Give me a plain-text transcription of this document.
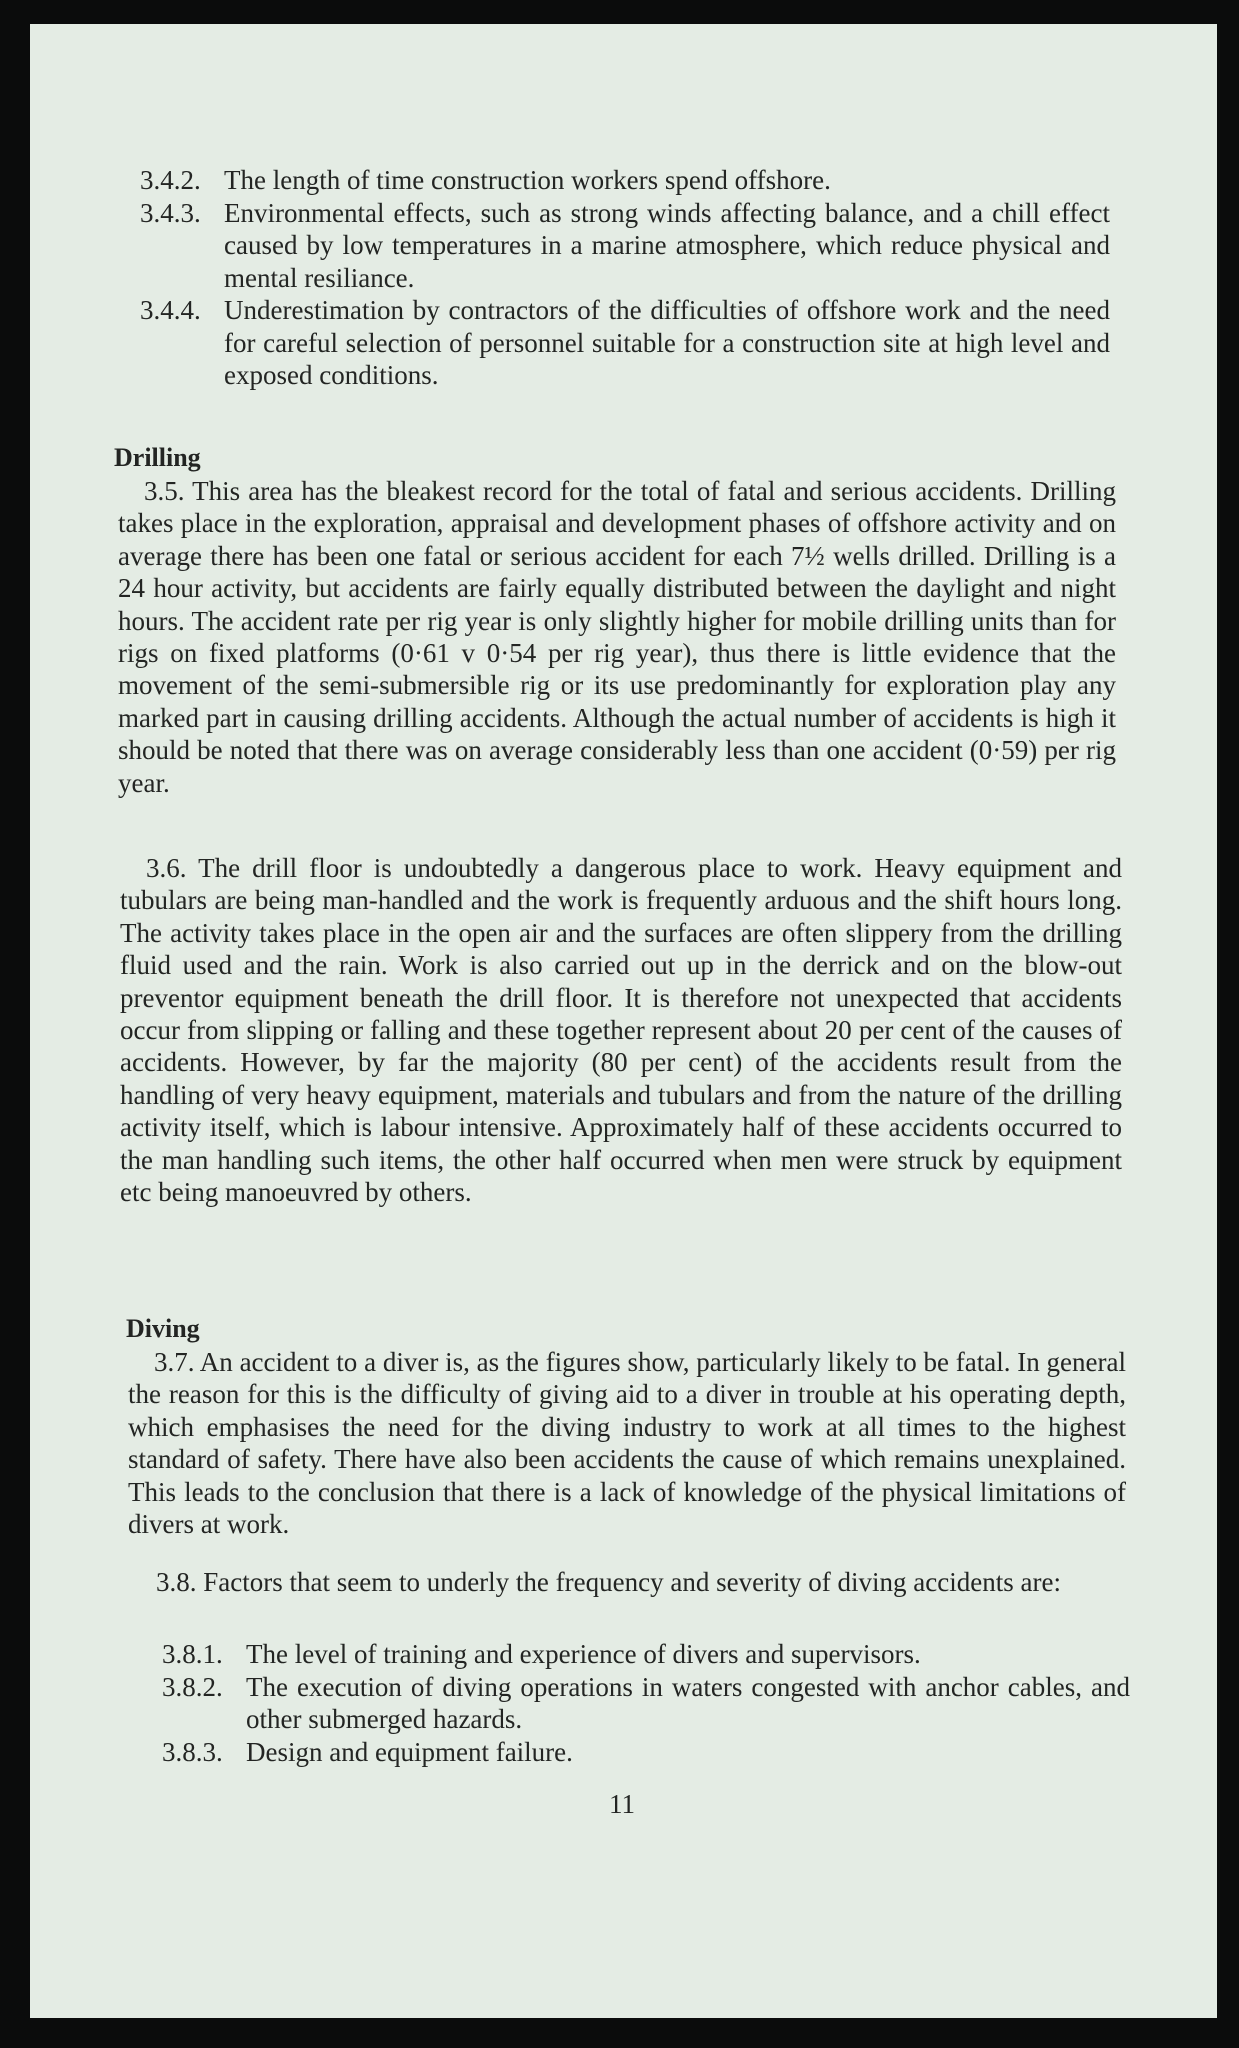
3.4.2. The length of time construction workers spend offshore.
3.4.3. Environmental effects, such as strong winds affecting balance, and a chill effect caused by low temperatures in a marine atmosphere, which reduce physical and mental resiliance.
3.4.4. Underestimation by contractors of the difficulties of offshore work and the need for careful selection of personnel suitable for a construction site at high level and exposed conditions.
Drilling

3.5. This area has the bleakest record for the total of fatal and serious accidents. Drilling takes place in the exploration, appraisal and development phases of offshore activity and on average there has been one fatal or serious accident for each 7½ wells drilled. Drilling is a 24 hour activity, but accidents are fairly equally distributed between the daylight and night hours. The accident rate per rig year is only slightly higher for mobile drilling units than for rigs on fixed platforms (0·61 v 0·54 per rig year), thus there is little evidence that the movement of the semi-submersible rig or its use predominantly for exploration play any marked part in causing drilling accidents. Although the actual number of accidents is high it should be noted that there was on average considerably less than one accident (0·59) per rig year.

3.6. The drill floor is undoubtedly a dangerous place to work. Heavy equipment and tubulars are being man-handled and the work is frequently arduous and the shift hours long. The activity takes place in the open air and the surfaces are often slippery from the drilling fluid used and the rain. Work is also carried out up in the derrick and on the blow-out preventor equipment beneath the drill floor. It is therefore not unexpected that accidents occur from slipping or falling and these together represent about 20 per cent of the causes of accidents. However, by far the majority (80 per cent) of the accidents result from the handling of very heavy equipment, materials and tubulars and from the nature of the drilling activity itself, which is labour intensive. Approximately half of these accidents occurred to the man handling such items, the other half occurred when men were struck by equipment etc being manoeuvred by others.

Diving

3.7. An accident to a diver is, as the figures show, particularly likely to be fatal. In general the reason for this is the difficulty of giving aid to a diver in trouble at his operating depth, which emphasises the need for the diving industry to work at all times to the highest standard of safety. There have also been accidents the cause of which remains unexplained. This leads to the conclusion that there is a lack of knowledge of the physical limitations of divers at work.

3.8. Factors that seem to underly the frequency and severity of diving accidents are:

3.8.1. The level of training and experience of divers and supervisors.
3.8.2. The execution of diving operations in waters congested with anchor cables, and other submerged hazards.
3.8.3. Design and equipment failure.
11
